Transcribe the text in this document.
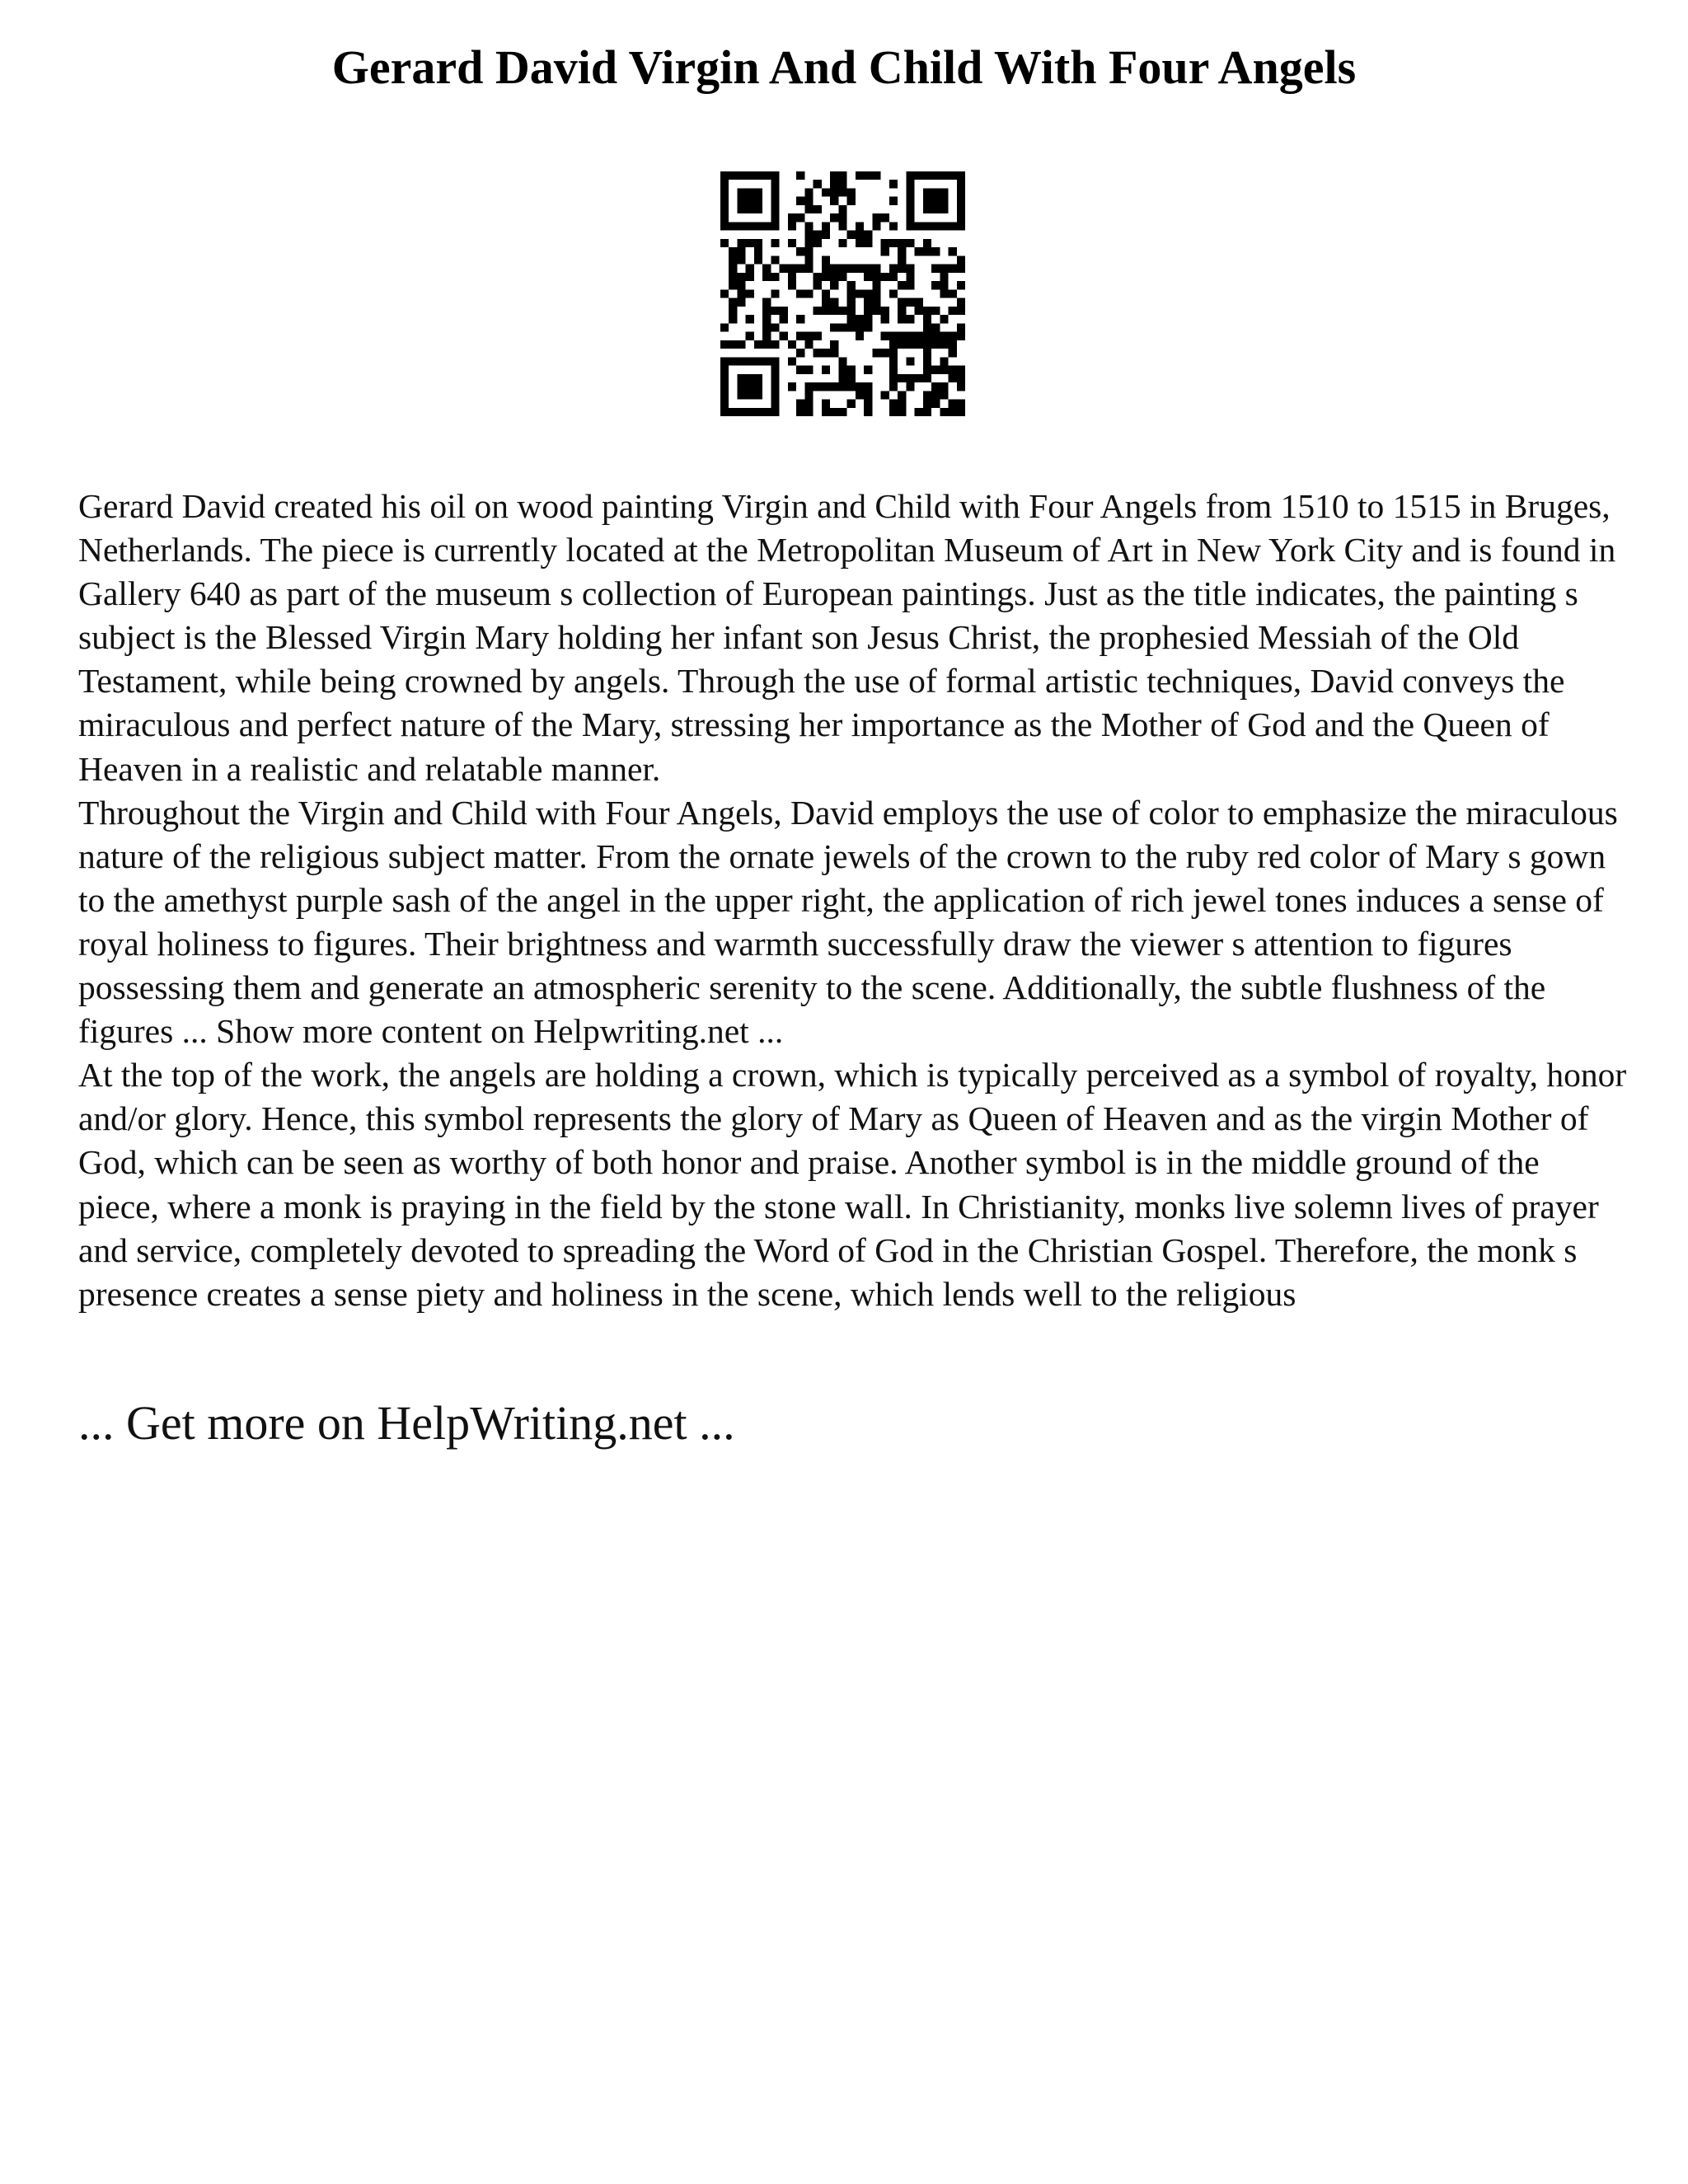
Gerard David Virgin And Child With Four Angels

Gerard David created his oil on wood painting Virgin and Child with Four Angels from 1510 to 1515 in Bruges, Netherlands. The piece is currently located at the Metropolitan Museum of Art in New York City and is found in Gallery 640 as part of the museum s collection of European paintings. Just as the title indicates, the painting s subject is the Blessed Virgin Mary holding her infant son Jesus Christ, the prophesied Messiah of the Old Testament, while being crowned by angels. Through the use of formal artistic techniques, David conveys the miraculous and perfect nature of the Mary, stressing her importance as the Mother of God and the Queen of Heaven in a realistic and relatable manner.

Throughout the Virgin and Child with Four Angels, David employs the use of color to emphasize the miraculous nature of the religious subject matter. From the ornate jewels of the crown to the ruby red color of Mary s gown to the amethyst purple sash of the angel in the upper right, the application of rich jewel tones induces a sense of royal holiness to figures. Their brightness and warmth successfully draw the viewer s attention to figures possessing them and generate an atmospheric serenity to the scene. Additionally, the subtle flushness of the figures ... Show more content on Helpwriting.net ...

At the top of the work, the angels are holding a crown, which is typically perceived as a symbol of royalty, honor and/or glory. Hence, this symbol represents the glory of Mary as Queen of Heaven and as the virgin Mother of God, which can be seen as worthy of both honor and praise. Another symbol is in the middle ground of the piece, where a monk is praying in the field by the stone wall. In Christianity, monks live solemn lives of prayer and service, completely devoted to spreading the Word of God in the Christian Gospel. Therefore, the monk s presence creates a sense piety and holiness in the scene, which lends well to the religious

... Get more on HelpWriting.net ...
